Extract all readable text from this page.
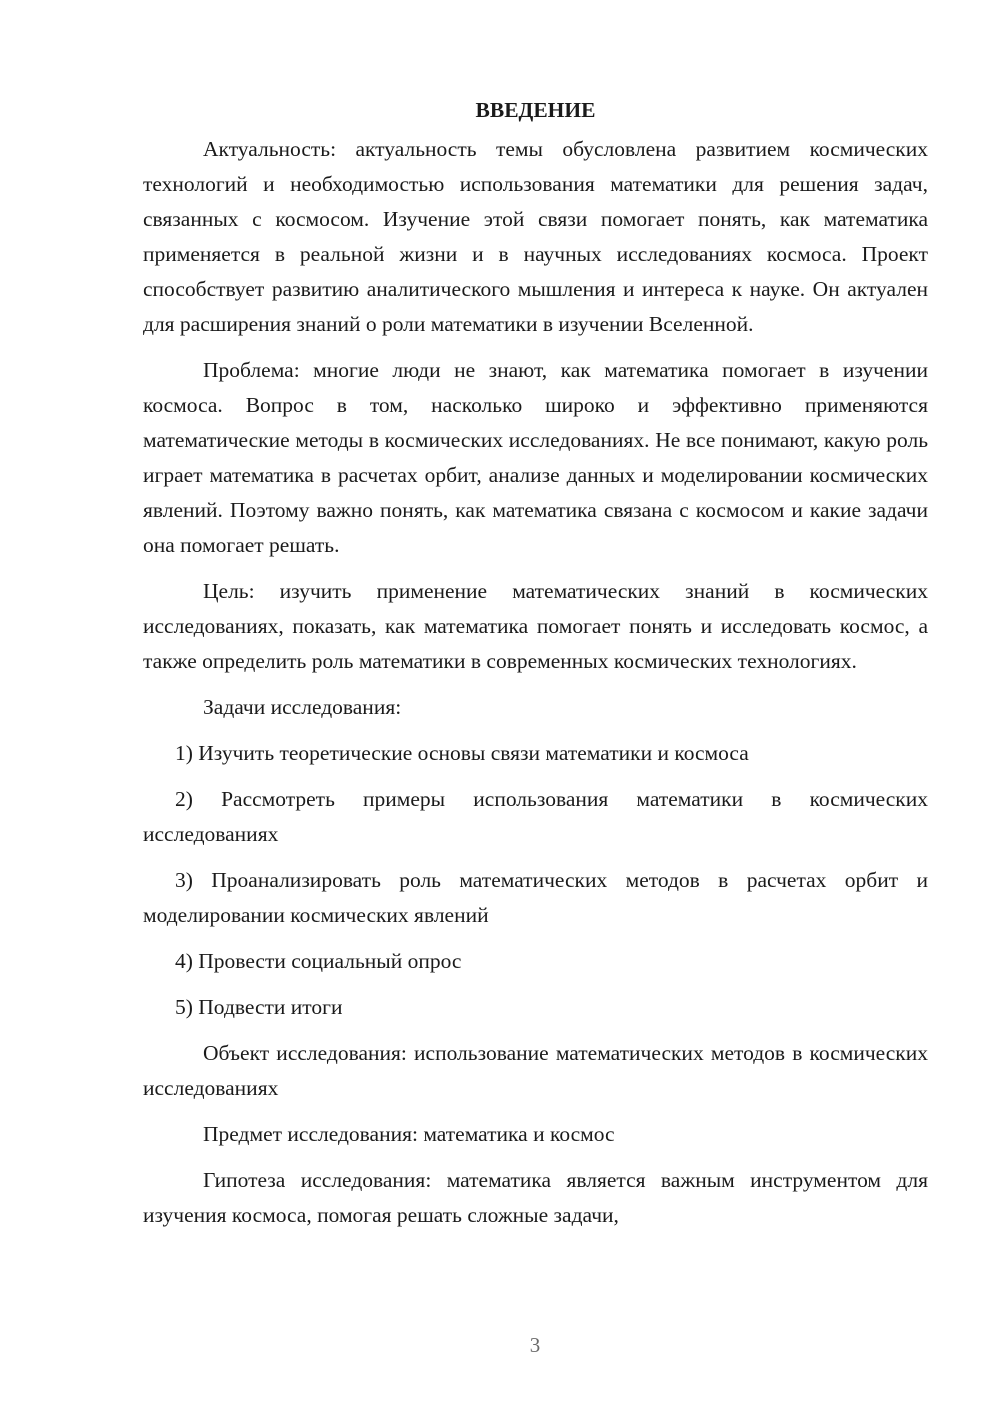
ВВЕДЕНИЕ

Актуальность: актуальность темы обусловлена развитием космических технологий и необходимостью использования математики для решения задач, связанных с космосом. Изучение этой связи помогает понять, как математика применяется в реальной жизни и в научных исследованиях космоса. Проект способствует развитию аналитического мышления и интереса к науке. Он актуален для расширения знаний о роли математики в изучении Вселенной.

Проблема: многие люди не знают, как математика помогает в изучении космоса. Вопрос в том, насколько широко и эффективно применяются математические методы в космических исследованиях. Не все понимают, какую роль играет математика в расчетах орбит, анализе данных и моделировании космических явлений. Поэтому важно понять, как математика связана с космосом и какие задачи она помогает решать.

Цель: изучить применение математических знаний в космических исследованиях, показать, как математика помогает понять и исследовать космос, а также определить роль математики в современных космических технологиях.

Задачи исследования:

1) Изучить теоретические основы связи математики и космоса

2) Рассмотреть примеры использования математики в космических исследованиях

3) Проанализировать роль математических методов в расчетах орбит и моделировании космических явлений

4) Провести социальный опрос

5) Подвести итоги

Объект исследования: использование математических методов в космических исследованиях

Предмет исследования: математика и космос

Гипотеза исследования: математика является важным инструментом для изучения космоса, помогая решать сложные задачи,

3
